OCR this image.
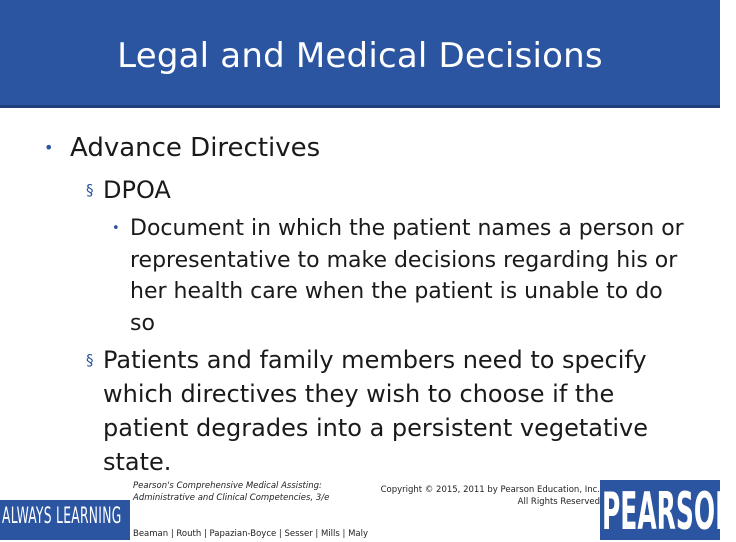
Legal and Medical Decisions
• Advance Directives
§ DPOA
• Document in which the patient names a person or representative to make decisions regarding his or her health care when the patient is unable to do so
§ Patients and family members need to specify which directives they wish to choose if the patient degrades into a persistent vegetative state.
ALWAYS LEARNING
Pearson's Comprehensive Medical Assisting:
Administrative and Clinical Competencies, 3/e
Beaman | Routh | Papazian-Boyce | Sesser | Mills | Maly
Copyright © 2015, 2011 by Pearson Education, Inc.
All Rights Reserved PEARSON
